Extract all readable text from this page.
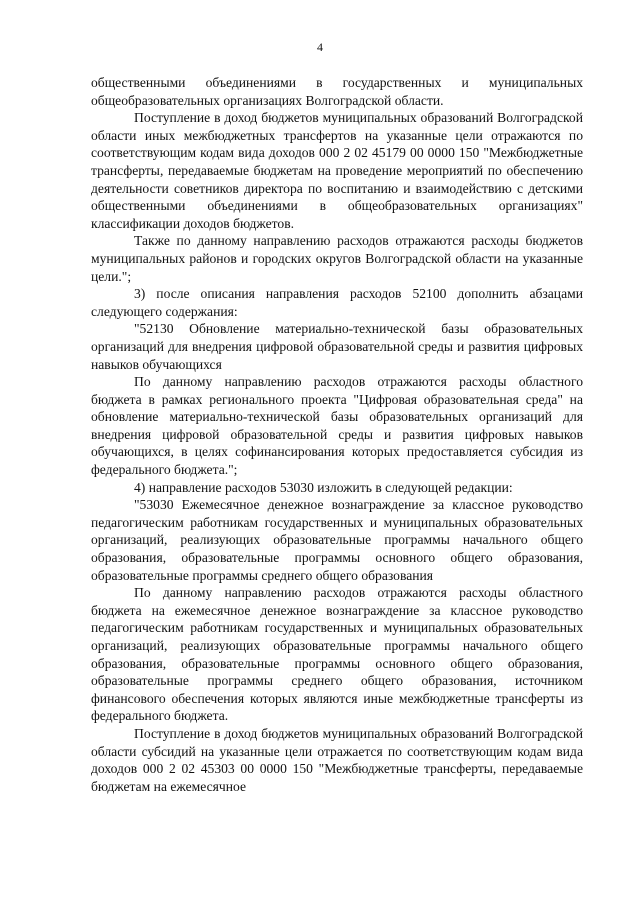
4

общественными объединениями в государственных и муниципальных общеобразовательных организациях Волгоградской области.

Поступление в доход бюджетов муниципальных образований Волгоградской области иных межбюджетных трансфертов на указанные цели отражаются по соответствующим кодам вида доходов 000 2 02 45179 00 0000 150 "Межбюджетные трансферты, передаваемые бюджетам на проведение мероприятий по обеспечению деятельности советников директора по воспитанию и взаимодействию с детскими общественными объединениями в общеобразовательных организациях" классификации доходов бюджетов.

Также по данному направлению расходов отражаются расходы бюджетов муниципальных районов и городских округов Волгоградской области на указанные цели.";

3) после описания направления расходов 52100 дополнить абзацами следующего содержания:

"52130 Обновление материально-технической базы образовательных организаций для внедрения цифровой образовательной среды и развития цифровых навыков обучающихся

По данному направлению расходов отражаются расходы областного бюджета в рамках регионального проекта "Цифровая образовательная среда" на обновление материально-технической базы образовательных организаций для внедрения цифровой образовательной среды и развития цифровых навыков обучающихся, в целях софинансирования которых предоставляется субсидия из федерального бюджета.";

4) направление расходов 53030 изложить в следующей редакции:

"53030 Ежемесячное денежное вознаграждение за классное руководство педагогическим работникам государственных и муниципальных образовательных организаций, реализующих образовательные программы начального общего образования, образовательные программы основного общего образования, образовательные программы среднего общего образования

По данному направлению расходов отражаются расходы областного бюджета на ежемесячное денежное вознаграждение за классное руководство педагогическим работникам государственных и муниципальных образовательных организаций, реализующих образовательные программы начального общего образования, образовательные программы основного общего образования, образовательные программы среднего общего образования, источником финансового обеспечения которых являются иные межбюджетные трансферты из федерального бюджета.

Поступление в доход бюджетов муниципальных образований Волгоградской области субсидий на указанные цели отражается по соответствующим кодам вида доходов 000 2 02 45303 00 0000 150 "Межбюджетные трансферты, передаваемые бюджетам на ежемесячное
